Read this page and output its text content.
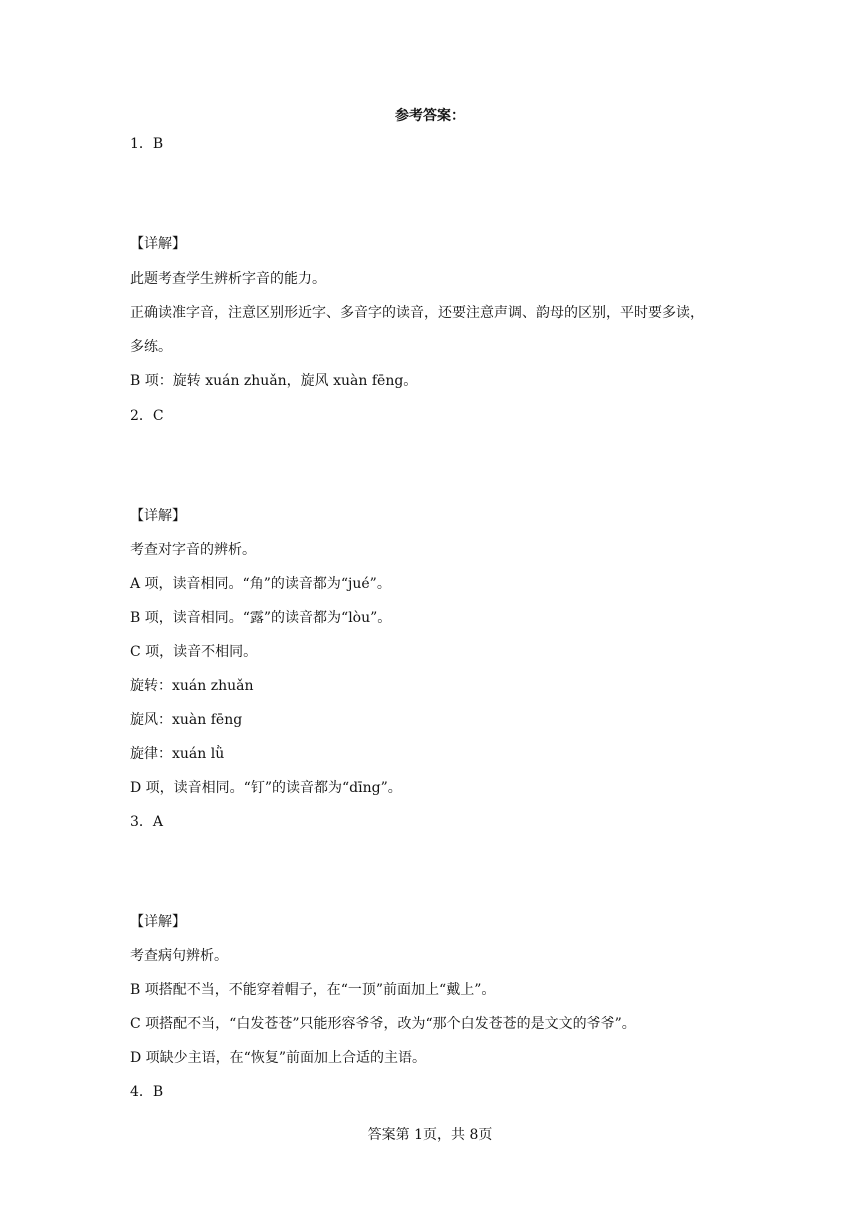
参考答案：
1．B
【详解】
此题考查学生辨析字音的能力。
正确读准字音，注意区别形近字、多音字的读音，还要注意声调、韵母的区别，平时要多读，
多练。
B 项：旋转 xuán zhuǎn，旋风 xuàn fēng。
2．C
【详解】
考查对字音的辨析。
A 项，读音相同。“角”的读音都为“jué”。
B 项，读音相同。“露”的读音都为“lòu”。
C 项，读音不相同。
旋转：xuán zhuǎn
旋风：xuàn fēng
旋律：xuán lǜ
D 项，读音相同。“钉”的读音都为“dīng”。
3．A
【详解】
考查病句辨析。
B 项搭配不当，不能穿着帽子，在“一顶”前面加上“戴上”。
C 项搭配不当，“白发苍苍”只能形容爷爷，改为“那个白发苍苍的是文文的爷爷”。
D 项缺少主语，在“恢复”前面加上合适的主语。
4．B
答案第 1页，共 8页
